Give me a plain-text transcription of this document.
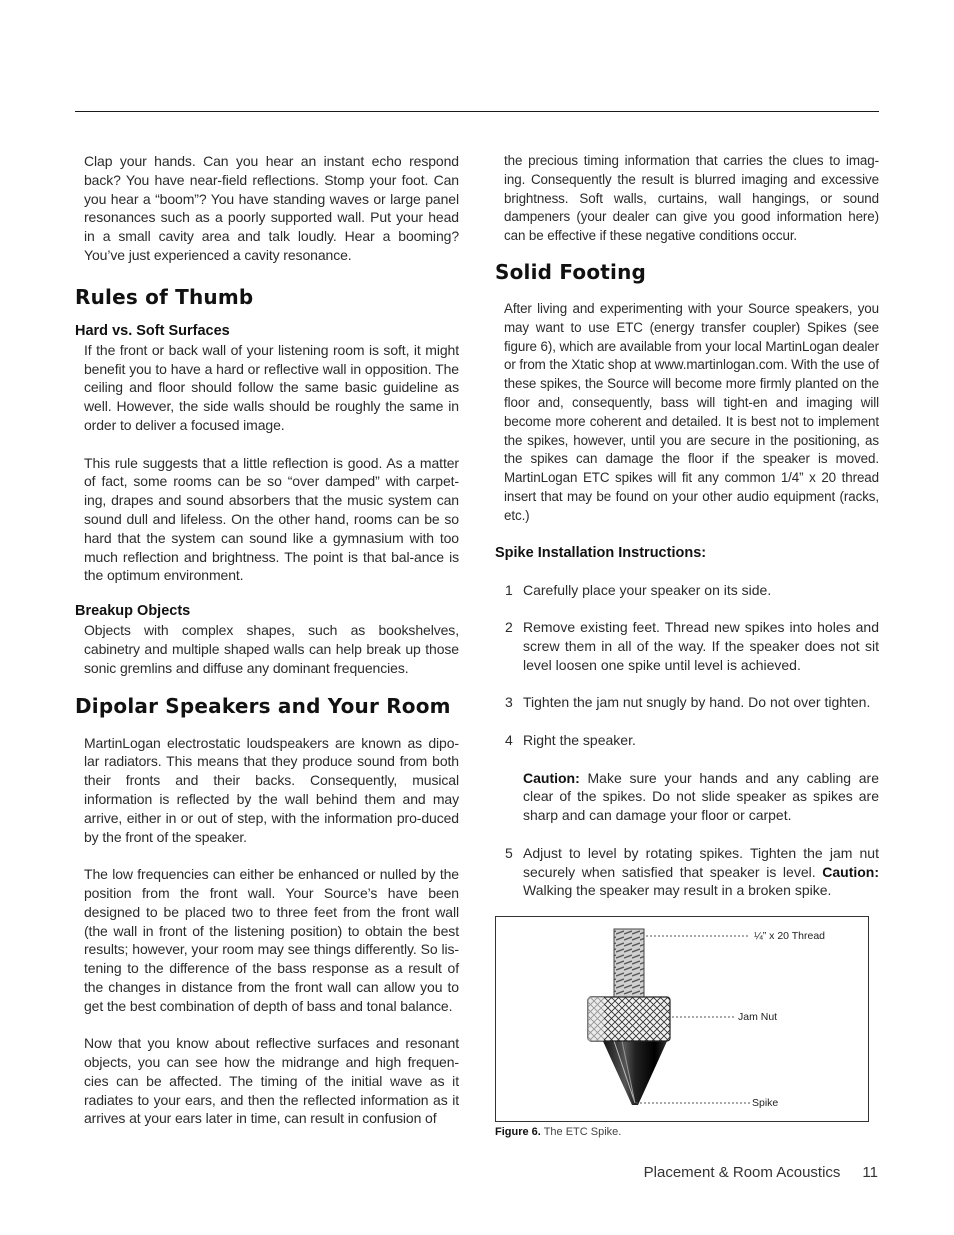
Clap your hands. Can you hear an instant echo respond back? You have near-field reflections. Stomp your foot. Can you hear a “boom”? You have standing waves or large panel resonances such as a poorly supported wall. Put your head in a small cavity area and talk loudly. Hear a booming? You’ve just experienced a cavity resonance.

Rules of Thumb
Hard vs. Soft Surfaces

If the front or back wall of your listening room is soft, it might benefit you to have a hard or reflective wall in opposition. The ceiling and floor should follow the same basic guideline as well. However, the side walls should be roughly the same in order to deliver a focused image.

This rule suggests that a little reflection is good. As a matter of fact, some rooms can be so “over damped” with carpet-ing, drapes and sound absorbers that the music system can sound dull and lifeless. On the other hand, rooms can be so hard that the system can sound like a gymnasium with too much reflection and brightness. The point is that bal-ance is the optimum environment.

Breakup Objects

Objects with complex shapes, such as bookshelves, cabinetry and multiple shaped walls can help break up those sonic gremlins and diffuse any dominant frequencies.

Dipolar Speakers and Your Room

MartinLogan electrostatic loudspeakers are known as dipo-lar radiators. This means that they produce sound from both their fronts and their backs. Consequently, musical information is reflected by the wall behind them and may arrive, either in or out of step, with the information pro-duced by the front of the speaker.

The low frequencies can either be enhanced or nulled by the position from the front wall. Your Source’s have been designed to be placed two to three feet from the front wall (the wall in front of the listening position) to obtain the best results; however, your room may see things differently. So lis-tening to the difference of the bass response as a result of the changes in distance from the front wall can allow you to get the best combination of depth of bass and tonal balance.

Now that you know about reflective surfaces and resonant objects, you can see how the midrange and high frequen-cies can be affected. The timing of the initial wave as it radiates to your ears, and then the reflected information as it arrives at your ears later in time, can result in confusion of

the precious timing information that carries the clues to imag-ing. Consequently the result is blurred imaging and excessive brightness. Soft walls, curtains, wall hangings, or sound dampeners (your dealer can give you good information here) can be effective if these negative conditions occur.

Solid Footing

After living and experimenting with your Source speakers, you may want to use ETC (energy transfer coupler) Spikes (see figure 6), which are available from your local MartinLogan dealer or from the Xtatic shop at www.martinlogan.com. With the use of these spikes, the Source will become more firmly planted on the floor and, consequently, bass will tight-en and imaging will become more coherent and detailed. It is best not to implement the spikes, however, until you are secure in the positioning, as the spikes can damage the floor if the speaker is moved. MartinLogan ETC spikes will fit any common 1/4” x 20 thread insert that may be found on your other audio equipment (racks, etc.)

Spike Installation Instructions:
1 Carefully place your speaker on its side.
2 Remove existing feet. Thread new spikes into holes and screw them in all of the way. If the speaker does not sit level loosen one spike until level is achieved.
3 Tighten the jam nut snugly by hand. Do not over tighten.
4 Right the speaker.
Caution: Make sure your hands and any cabling are clear of the spikes. Do not slide speaker as spikes are sharp and can damage your floor or carpet.
5 Adjust to level by rotating spikes. Tighten the jam nut securely when satisfied that speaker is level. Caution: Walking the speaker may result in a broken spike.
¼” x 20 Thread
Jam Nut
Spike
Figure 6. The ETC Spike.
Placement & Room Acoustics 11
